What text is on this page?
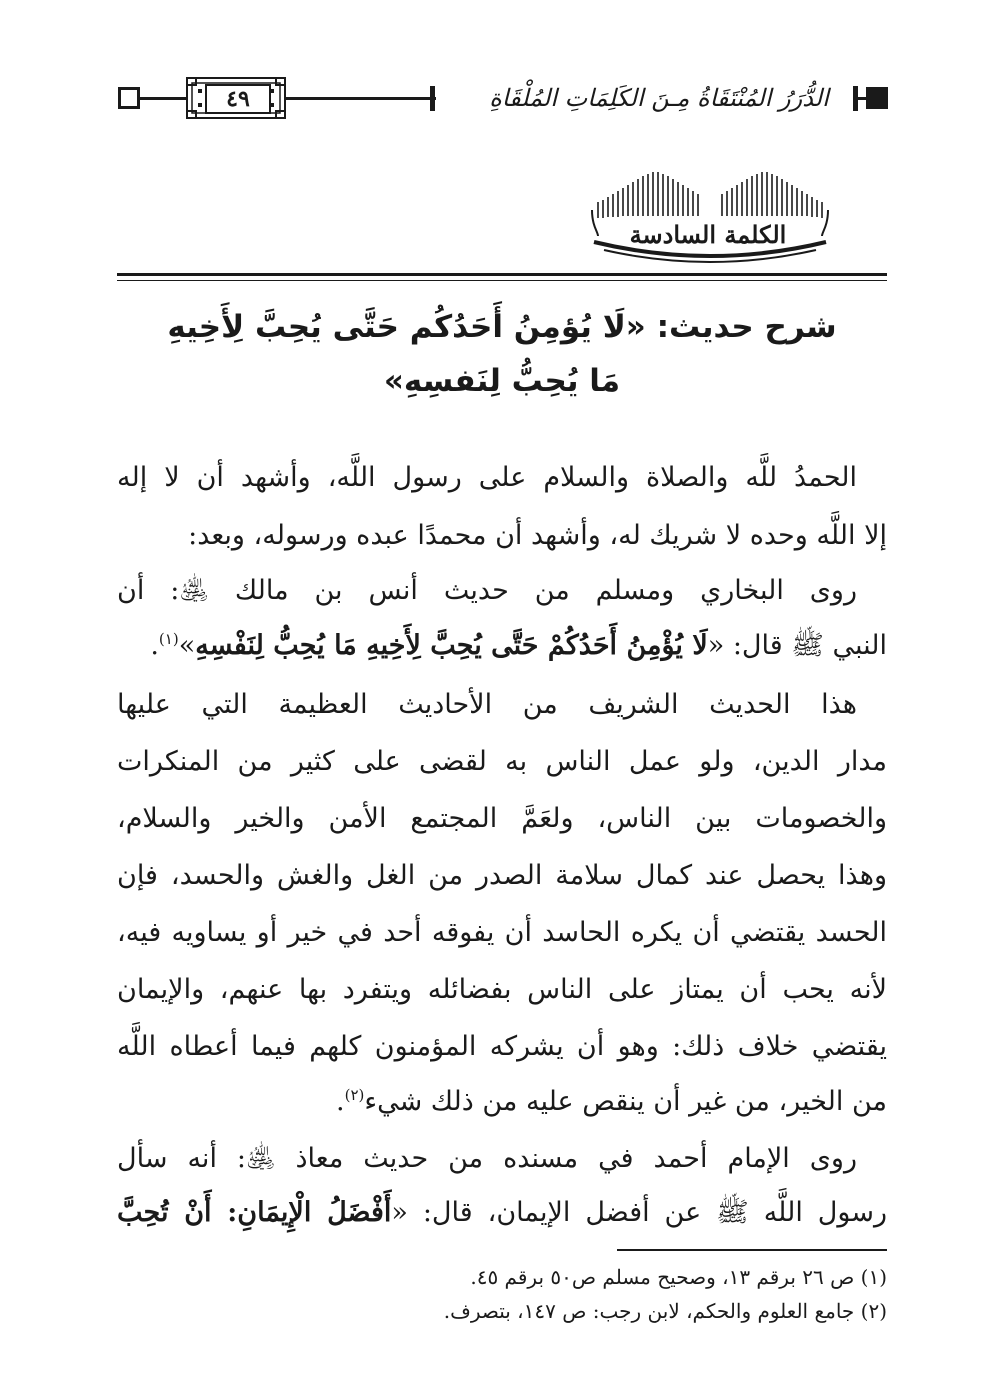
٤٩	الدُّرَرُ المُنْتَقَاةُ مِـنَ الكَلِمَاتِ المُلْقَاةِ
الكلمة السادسة
شرح حديث: «لَا يُؤمِنُ أَحَدُكُم حَتَّى يُحِبَّ لِأَخِيهِ
مَا يُحِبُّ لِنَفسِهِ»
الحمدُ للَّه والصلاة والسلام على رسول اللَّه، وأشهد أن لا إله
إلا اللَّه وحده لا شريك له، وأشهد أن محمدًا عبده ورسوله، وبعد:
روى البخاري ومسلم من حديث أنس بن مالك ﵁: أن
النبي ﷺ قال: «لَا يُؤْمِنُ أَحَدُكُمْ حَتَّى يُحِبَّ لِأَخِيهِ مَا يُحِبُّ لِنَفْسِهِ»$^{(١)}$.
هذا الحديث الشريف من الأحاديث العظيمة التي عليها
مدار الدين، ولو عمل الناس به لقضى على كثير من المنكرات
والخصومات بين الناس، ولعَمَّ المجتمع الأمن والخير والسلام،
وهذا يحصل عند كمال سلامة الصدر من الغل والغش والحسد، فإن
الحسد يقتضي أن يكره الحاسد أن يفوقه أحد في خير أو يساويه فيه،
لأنه يحب أن يمتاز على الناس بفضائله ويتفرد بها عنهم، والإيمان
يقتضي خلاف ذلك: وهو أن يشركه المؤمنون كلهم فيما أعطاه اللَّه
من الخير، من غير أن ينقص عليه من ذلك شيء$^{(٢)}$.
روى الإمام أحمد في مسنده من حديث معاذ ﵁: أنه سأل
رسول اللَّه ﷺ عن أفضل الإيمان، قال: «أَفْضَلُ الْإِيمَانِ: أَنْ تُحِبَّ
(١) ص ٢٦ برقم ١٣، وصحيح مسلم ص٥٠ برقم ٤٥.
(٢) جامع العلوم والحكم، لابن رجب: ص ١٤٧، بتصرف.
